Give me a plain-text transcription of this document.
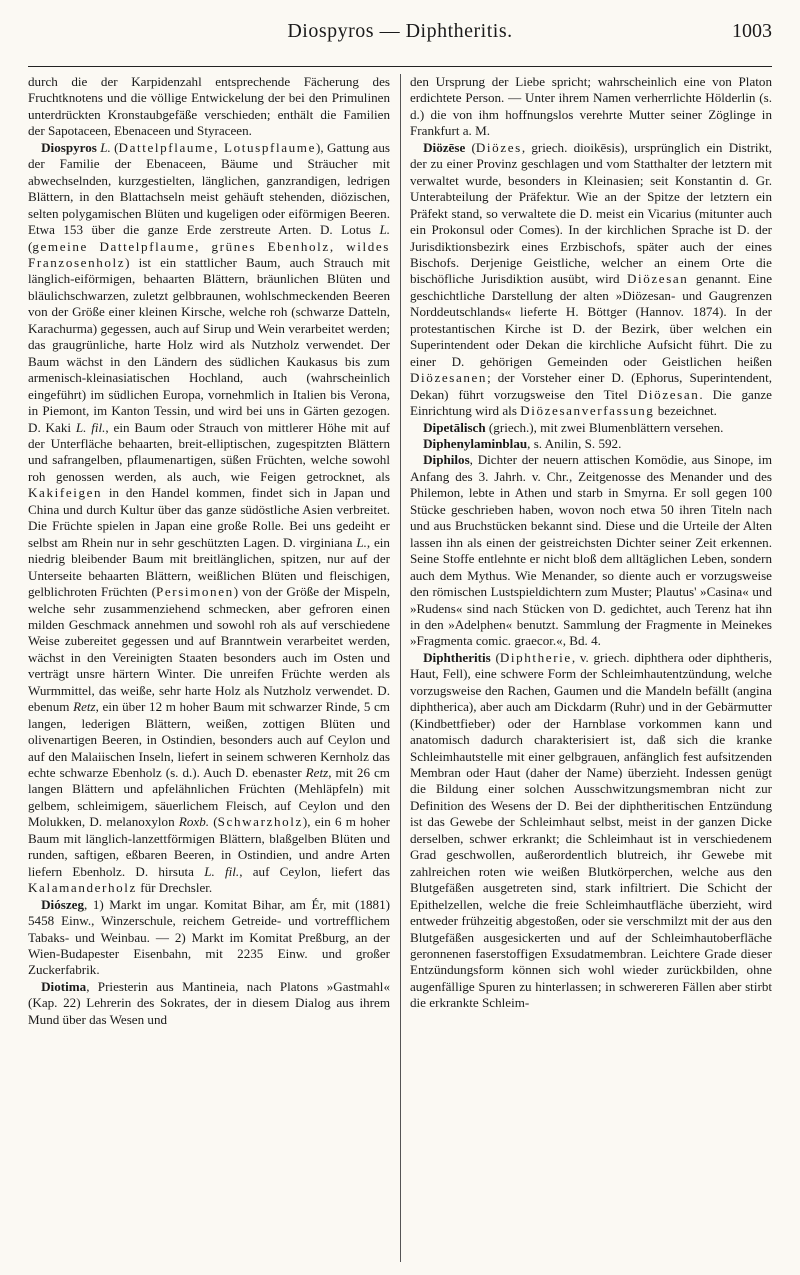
Diospyros — Diphtheritis.	1003

durch die der Karpidenzahl entsprechende Fächerung des Fruchtknotens und die völlige Entwickelung der bei den Primulinen unterdrückten Kronstaubgefäße verschieden; enthält die Familien der Sapotaceen, Ebenaceen und Styraceen.

Diospyros L. (Dattelpflaume, Lotuspflaume), Gattung aus der Familie der Ebenaceen, Bäume und Sträucher mit abwechselnden, kurzgestielten, länglichen, ganzrandigen, ledrigen Blättern, in den Blattachseln meist gehäuft stehenden, diözischen, selten polygamischen Blüten und kugeligen oder eiförmigen Beeren. Etwa 153 über die ganze Erde zerstreute Arten. D. Lotus L. (gemeine Dattelpflaume, grünes Ebenholz, wildes Franzosenholz) ist ein stattlicher Baum, auch Strauch mit länglich-eiförmigen, behaarten Blättern, bräunlichen Blüten und bläulichschwarzen, zuletzt gelbbraunen, wohlschmeckenden Beeren von der Größe einer kleinen Kirsche, welche roh (schwarze Datteln, Karachurma) gegessen, auch auf Sirup und Wein verarbeitet werden; das graugrünliche, harte Holz wird als Nutzholz verwendet. Der Baum wächst in den Ländern des südlichen Kaukasus bis zum armenisch-kleinasiatischen Hochland, auch (wahrscheinlich eingeführt) im südlichen Europa, vornehmlich in Italien bis Verona, in Piemont, im Kanton Tessin, und wird bei uns in Gärten gezogen. D. Kaki L. fil., ein Baum oder Strauch von mittlerer Höhe mit auf der Unterfläche behaarten, breit-elliptischen, zugespitzten Blättern und safrangelben, pflaumenartigen, süßen Früchten, welche sowohl roh genossen werden, als auch, wie Feigen getrocknet, als Kakifeigen in den Handel kommen, findet sich in Japan und China und durch Kultur über das ganze südöstliche Asien verbreitet. Die Früchte spielen in Japan eine große Rolle. Bei uns gedeiht er selbst am Rhein nur in sehr geschützten Lagen. D. virginiana L., ein niedrig bleibender Baum mit breitlänglichen, spitzen, nur auf der Unterseite behaarten Blättern, weißlichen Blüten und fleischigen, gelblichroten Früchten (Persimonen) von der Größe der Mispeln, welche sehr zusammenziehend schmecken, aber gefroren einen milden Geschmack annehmen und sowohl roh als auf verschiedene Weise zubereitet gegessen und auf Branntwein verarbeitet werden, wächst in den Vereinigten Staaten besonders auch im Osten und verträgt unsre härtern Winter. Die unreifen Früchte werden als Wurmmittel, das weiße, sehr harte Holz als Nutzholz verwendet. D. ebenum Retz, ein über 12 m hoher Baum mit schwarzer Rinde, 5 cm langen, lederigen Blättern, weißen, zottigen Blüten und olivenartigen Beeren, in Ostindien, besonders auch auf Ceylon und auf den Malaiischen Inseln, liefert in seinem schweren Kernholz das echte schwarze Ebenholz (s. d.). Auch D. ebenaster Retz, mit 26 cm langen Blättern und apfelähnlichen Früchten (Mehläpfeln) mit gelbem, schleimigem, säuerlichem Fleisch, auf Ceylon und den Molukken, D. melanoxylon Roxb. (Schwarzholz), ein 6 m hoher Baum mit länglich-lanzettförmigen Blättern, blaßgelben Blüten und runden, saftigen, eßbaren Beeren, in Ostindien, und andre Arten liefern Ebenholz. D. hirsuta L. fil., auf Ceylon, liefert das Kalamanderholz für Drechsler.

Diószeg, 1) Markt im ungar. Komitat Bihar, am Ér, mit (1881) 5458 Einw., Winzerschule, reichem Getreide- und vortrefflichem Tabaks- und Weinbau. — 2) Markt im Komitat Preßburg, an der Wien-Budapester Eisenbahn, mit 2235 Einw. und großer Zuckerfabrik.

Diotima, Priesterin aus Mantineia, nach Platons »Gastmahl« (Kap. 22) Lehrerin des Sokrates, der in diesem Dialog aus ihrem Mund über das Wesen und

den Ursprung der Liebe spricht; wahrscheinlich eine von Platon erdichtete Person. — Unter ihrem Namen verherrlichte Hölderlin (s. d.) die von ihm hoffnungslos verehrte Mutter seiner Zöglinge in Frankfurt a. M.

Diözēse (Diözes, griech. dioikēsis), ursprünglich ein Distrikt, der zu einer Provinz geschlagen und vom Statthalter der letztern mit verwaltet wurde, besonders in Kleinasien; seit Konstantin d. Gr. Unterabteilung der Präfektur. Wie an der Spitze der letztern ein Präfekt stand, so verwaltete die D. meist ein Vicarius (mitunter auch ein Prokonsul oder Comes). In der kirchlichen Sprache ist D. der Jurisdiktionsbezirk eines Erzbischofs, später auch der eines Bischofs. Derjenige Geistliche, welcher an einem Orte die bischöfliche Jurisdiktion ausübt, wird Diözesan genannt. Eine geschichtliche Darstellung der alten »Diözesan- und Gaugrenzen Norddeutschlands« lieferte H. Böttger (Hannov. 1874). In der protestantischen Kirche ist D. der Bezirk, über welchen ein Superintendent oder Dekan die kirchliche Aufsicht führt. Die zu einer D. gehörigen Gemeinden oder Geistlichen heißen Diözesanen; der Vorsteher einer D. (Ephorus, Superintendent, Dekan) führt vorzugsweise den Titel Diözesan. Die ganze Einrichtung wird als Diözesanverfassung bezeichnet.

Dipetālisch (griech.), mit zwei Blumenblättern versehen.

Diphenylaminblau, s. Anilin, S. 592.

Diphilos, Dichter der neuern attischen Komödie, aus Sinope, im Anfang des 3. Jahrh. v. Chr., Zeitgenosse des Menander und des Philemon, lebte in Athen und starb in Smyrna. Er soll gegen 100 Stücke geschrieben haben, wovon noch etwa 50 ihren Titeln nach und aus Bruchstücken bekannt sind. Diese und die Urteile der Alten lassen ihn als einen der geistreichsten Dichter seiner Zeit erkennen. Seine Stoffe entlehnte er nicht bloß dem alltäglichen Leben, sondern auch dem Mythus. Wie Menander, so diente auch er vorzugsweise den römischen Lustspieldichtern zum Muster; Plautus' »Casina« und »Rudens« sind nach Stücken von D. gedichtet, auch Terenz hat ihn in den »Adelphen« benutzt. Sammlung der Fragmente in Meinekes »Fragmenta comic. graecor.«, Bd. 4.

Diphtheritis (Diphtherie, v. griech. diphthera oder diphtheris, Haut, Fell), eine schwere Form der Schleimhautentzündung, welche vorzugsweise den Rachen, Gaumen und die Mandeln befällt (angina diphtherica), aber auch am Dickdarm (Ruhr) und in der Gebärmutter (Kindbettfieber) oder der Harnblase vorkommen kann und anatomisch dadurch charakterisiert ist, daß sich die kranke Schleimhautstelle mit einer gelbgrauen, anfänglich fest aufsitzenden Membran oder Haut (daher der Name) überzieht. Indessen genügt die Bildung einer solchen Ausschwitzungsmembran nicht zur Definition des Wesens der D. Bei der diphtheritischen Entzündung ist das Gewebe der Schleimhaut selbst, meist in der ganzen Dicke derselben, schwer erkrankt; die Schleimhaut ist in verschiedenem Grad geschwollen, außerordentlich blutreich, ihr Gewebe mit zahlreichen roten wie weißen Blutkörperchen, welche aus den Blutgefäßen ausgetreten sind, stark infiltriert. Die Schicht der Epithelzellen, welche die freie Schleimhautfläche überzieht, wird entweder frühzeitig abgestoßen, oder sie verschmilzt mit der aus den Blutgefäßen ausgesickerten und auf der Schleimhautoberfläche geronnenen faserstoffigen Exsudatmembran. Leichtere Grade dieser Entzündungsform können sich wohl wieder zurückbilden, ohne augenfällige Spuren zu hinterlassen; in schwereren Fällen aber stirbt die erkrankte Schleim-
